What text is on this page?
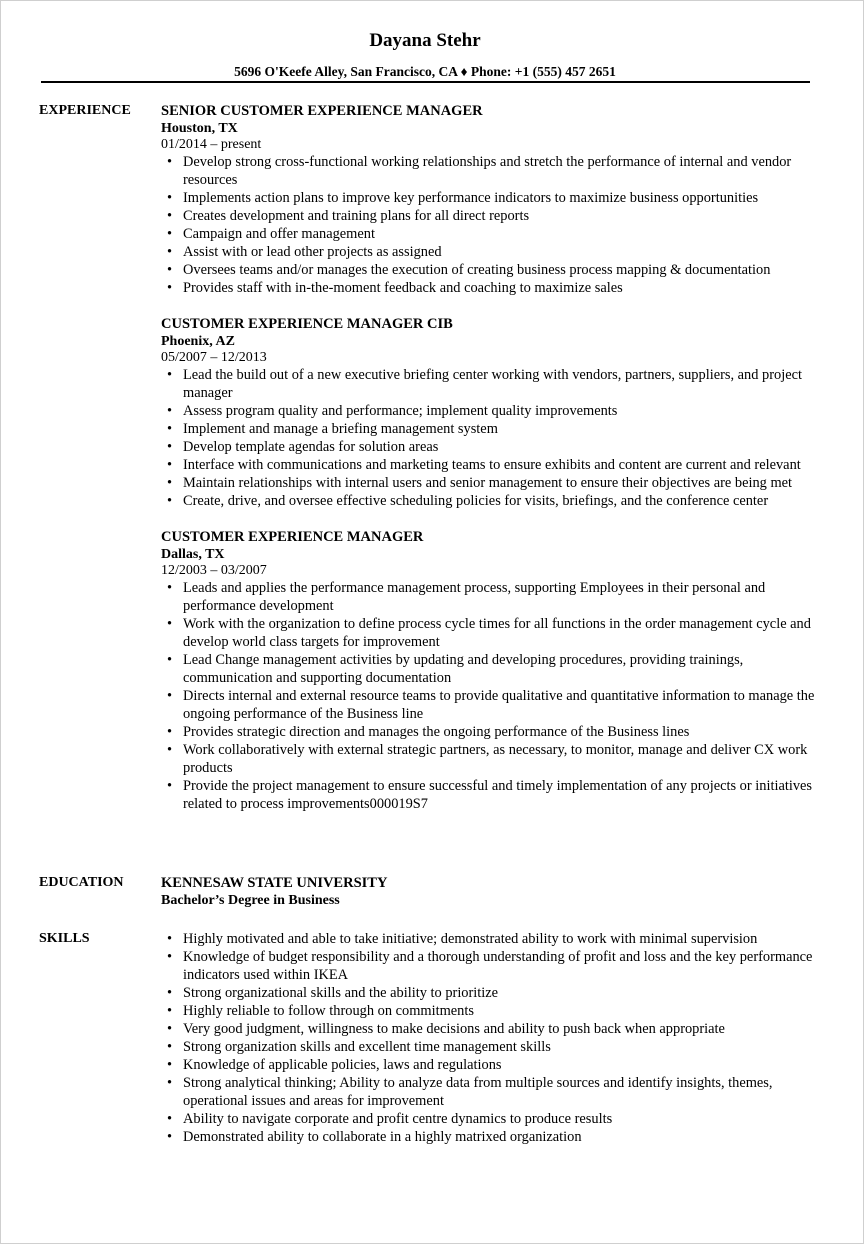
Dayana Stehr
5696 O'Keefe Alley, San Francisco, CA ♦ Phone: +1 (555) 457 2651
EXPERIENCE SENIOR CUSTOMER EXPERIENCE MANAGER
Houston, TX
01/2014 – present
• Develop strong cross-functional working relationships and stretch the performance of internal and vendor resources
• Implements action plans to improve key performance indicators to maximize business opportunities
• Creates development and training plans for all direct reports
• Campaign and offer management
• Assist with or lead other projects as assigned
• Oversees teams and/or manages the execution of creating business process mapping & documentation
• Provides staff with in-the-moment feedback and coaching to maximize sales
CUSTOMER EXPERIENCE MANAGER CIB
Phoenix, AZ
05/2007 – 12/2013
• Lead the build out of a new executive briefing center working with vendors, partners, suppliers, and project manager
• Assess program quality and performance; implement quality improvements
• Implement and manage a briefing management system
• Develop template agendas for solution areas
• Interface with communications and marketing teams to ensure exhibits and content are current and relevant
• Maintain relationships with internal users and senior management to ensure their objectives are being met
• Create, drive, and oversee effective scheduling policies for visits, briefings, and the conference center
CUSTOMER EXPERIENCE MANAGER
Dallas, TX
12/2003 – 03/2007
• Leads and applies the performance management process, supporting Employees in their personal and performance development
• Work with the organization to define process cycle times for all functions in the order management cycle and develop world class targets for improvement
• Lead Change management activities by updating and developing procedures, providing trainings, communication and supporting documentation
• Directs internal and external resource teams to provide qualitative and quantitative information to manage the ongoing performance of the Business line
• Provides strategic direction and manages the ongoing performance of the Business lines
• Work collaboratively with external strategic partners, as necessary, to monitor, manage and deliver CX work products
• Provide the project management to ensure successful and timely implementation of any projects or initiatives related to process improvements000019S7
EDUCATION	KENNESAW STATE UNIVERSITY
Bachelor’s Degree in Business
SKILLS
•	Highly motivated and able to take initiative; demonstrated ability to work with minimal supervision
• Knowledge of budget responsibility and a thorough understanding of profit and loss and the key performance indicators used within IKEA
• Strong organizational skills and the ability to prioritize
• Highly reliable to follow through on commitments
• Very good judgment, willingness to make decisions and ability to push back when appropriate
• Strong organization skills and excellent time management skills
• Knowledge of applicable policies, laws and regulations
• Strong analytical thinking; Ability to analyze data from multiple sources and identify insights, themes, operational issues and areas for improvement
• Ability to navigate corporate and profit centre dynamics to produce results
• Demonstrated ability to collaborate in a highly matrixed organization
